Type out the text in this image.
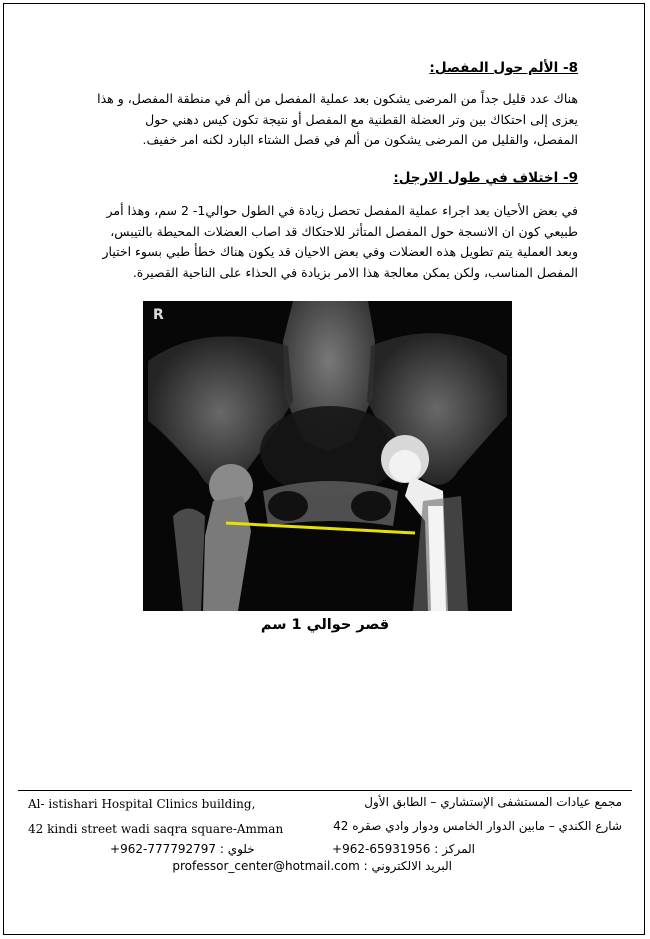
8- الألم حول المفصل:
هناك عدد قليل جداً من المرضى يشكون بعد عملية المفصل من ألم في منطقة المفصل، و هذا
يعزى إلى احتكاك بين وتر العضلة القطنية مع المفصل أو نتيجة تكون كيس دهني حول
المفصل، والقليل من المرضى يشكون من ألم في فصل الشتاء البارد لكنه امر خفيف.
9- اختلاف في طول الارجل:
في بعض الأحيان بعد اجراء عملية المفصل تحصل زيادة في الطول حوالي1- 2 سم، وهذا أمر
طبيعي كون ان الانسجة حول المفصل المتأثر للاحتكاك قد اصاب العضلات المحيطة بالتيبس،
وبعد العملية يتم تطويل هذه العضلات وفي بعض الاحيان قد يكون هناك خطأ طبي بسوء اختيار
المفصل المناسب، ولكن يمكن معالجة هذا الامر بزيادة في الحذاء على الناحية القصيرة.
R
قصر حوالي 1 سم
Al- istishari Hospital Clinics building,
42 kindi street wadi saqra square-Amman
مجمع عيادات المستشفى الإستشاري – الطابق الأول
شارع الكندي – مابين الدوار الخامس ودوار وادي صقره 42
خلوي : 777792797-962+	المركز : 65931956-962+
البريد الالكتروني : professor_center@hotmail.com
